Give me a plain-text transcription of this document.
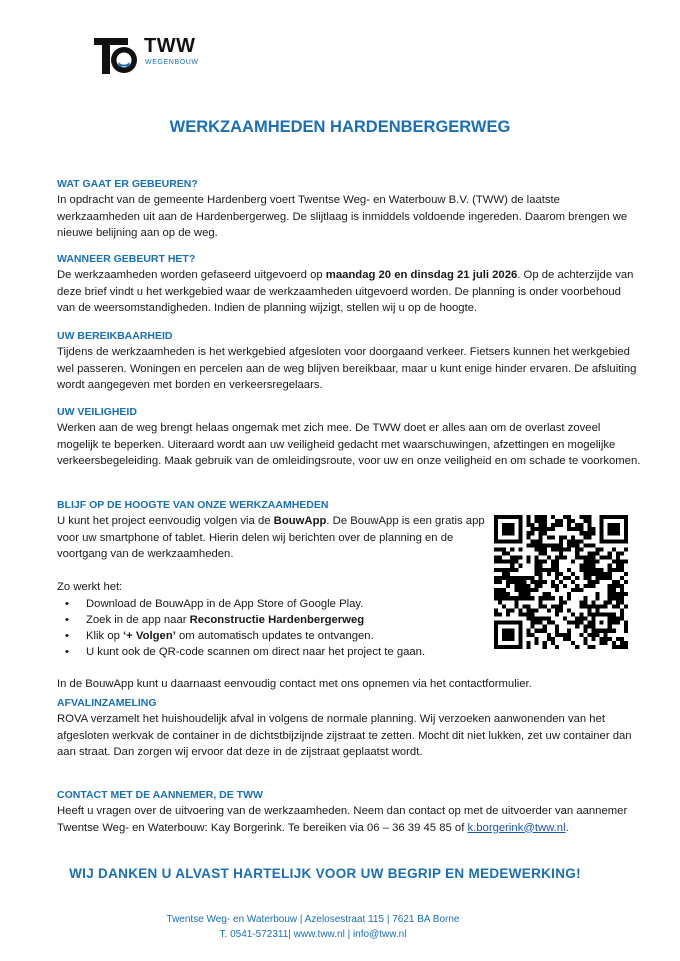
TWW
WEGENBOUW
WERKZAAMHEDEN HARDENBERGERWEG
WAT GAAT ER GEBEUREN?

In opdracht van de gemeente Hardenberg voert Twentse Weg- en Waterbouw B.V. (TWW) de laatste werkzaamheden uit aan de Hardenbergerweg. De slijtlaag is inmiddels voldoende ingereden. Daarom brengen we nieuwe belijning aan op de weg.

WANNEER GEBEURT HET?

De werkzaamheden worden gefaseerd uitgevoerd op maandag 20 en dinsdag 21 juli 2026. Op de achterzijde van deze brief vindt u het werkgebied waar de werkzaamheden uitgevoerd worden. De planning is onder voorbehoud van de weersomstandigheden. Indien de planning wijzigt, stellen wij u op de hoogte.

UW BEREIKBAARHEID

Tijdens de werkzaamheden is het werkgebied afgesloten voor doorgaand verkeer. Fietsers kunnen het werkgebied wel passeren. Woningen en percelen aan de weg blijven bereikbaar, maar u kunt enige hinder ervaren. De afsluiting wordt aangegeven met borden en verkeersregelaars.

UW VEILIGHEID

Werken aan de weg brengt helaas ongemak met zich mee. De TWW doet er alles aan om de overlast zoveel mogelijk te beperken. Uiteraard wordt aan uw veiligheid gedacht met waarschuwingen, afzettingen en mogelijke verkeersbegeleiding. Maak gebruik van de omleidingsroute, voor uw en onze veiligheid en om schade te voorkomen.

BLIJF OP DE HOOGTE VAN ONZE WERKZAAMHEDEN

U kunt het project eenvoudig volgen via de BouwApp. De BouwApp is een gratis app voor uw smartphone of tablet. Hierin delen wij berichten over de planning en de voortgang van de werkzaamheden.

Zo werkt het:

• Download de BouwApp in de App Store of Google Play.
• Zoek in de app naar Reconstructie Hardenbergerweg
• Klik op ‘+ Volgen’ om automatisch updates te ontvangen.
• U kunt ook de QR-code scannen om direct naar het project te gaan.

In de BouwApp kunt u daarnaast eenvoudig contact met ons opnemen via het contactformulier.

AFVALINZAMELING

ROVA verzamelt het huishoudelijk afval in volgens de normale planning. Wij verzoeken aanwonenden van het afgesloten werkvak de container in de dichtstbijzijnde zijstraat te zetten. Mocht dit niet lukken, zet uw container dan aan straat. Dan zorgen wij ervoor dat deze in de zijstraat geplaatst wordt.

CONTACT MET DE AANNEMER, DE TWW

Heeft u vragen over de uitvoering van de werkzaamheden. Neem dan contact op met de uitvoerder van aannemer Twentse Weg- en Waterbouw: Kay Borgerink. Te bereiken via 06 – 36 39 45 85 of k.borgerink@tww.nl.

WIJ DANKEN U ALVAST HARTELIJK VOOR UW BEGRIP EN MEDEWERKING!
Twentse Weg- en Waterbouw | Azelosestraat 115 | 7621 BA Borne
T. 0541-572311| www.tww.nl | info@tww.nl
